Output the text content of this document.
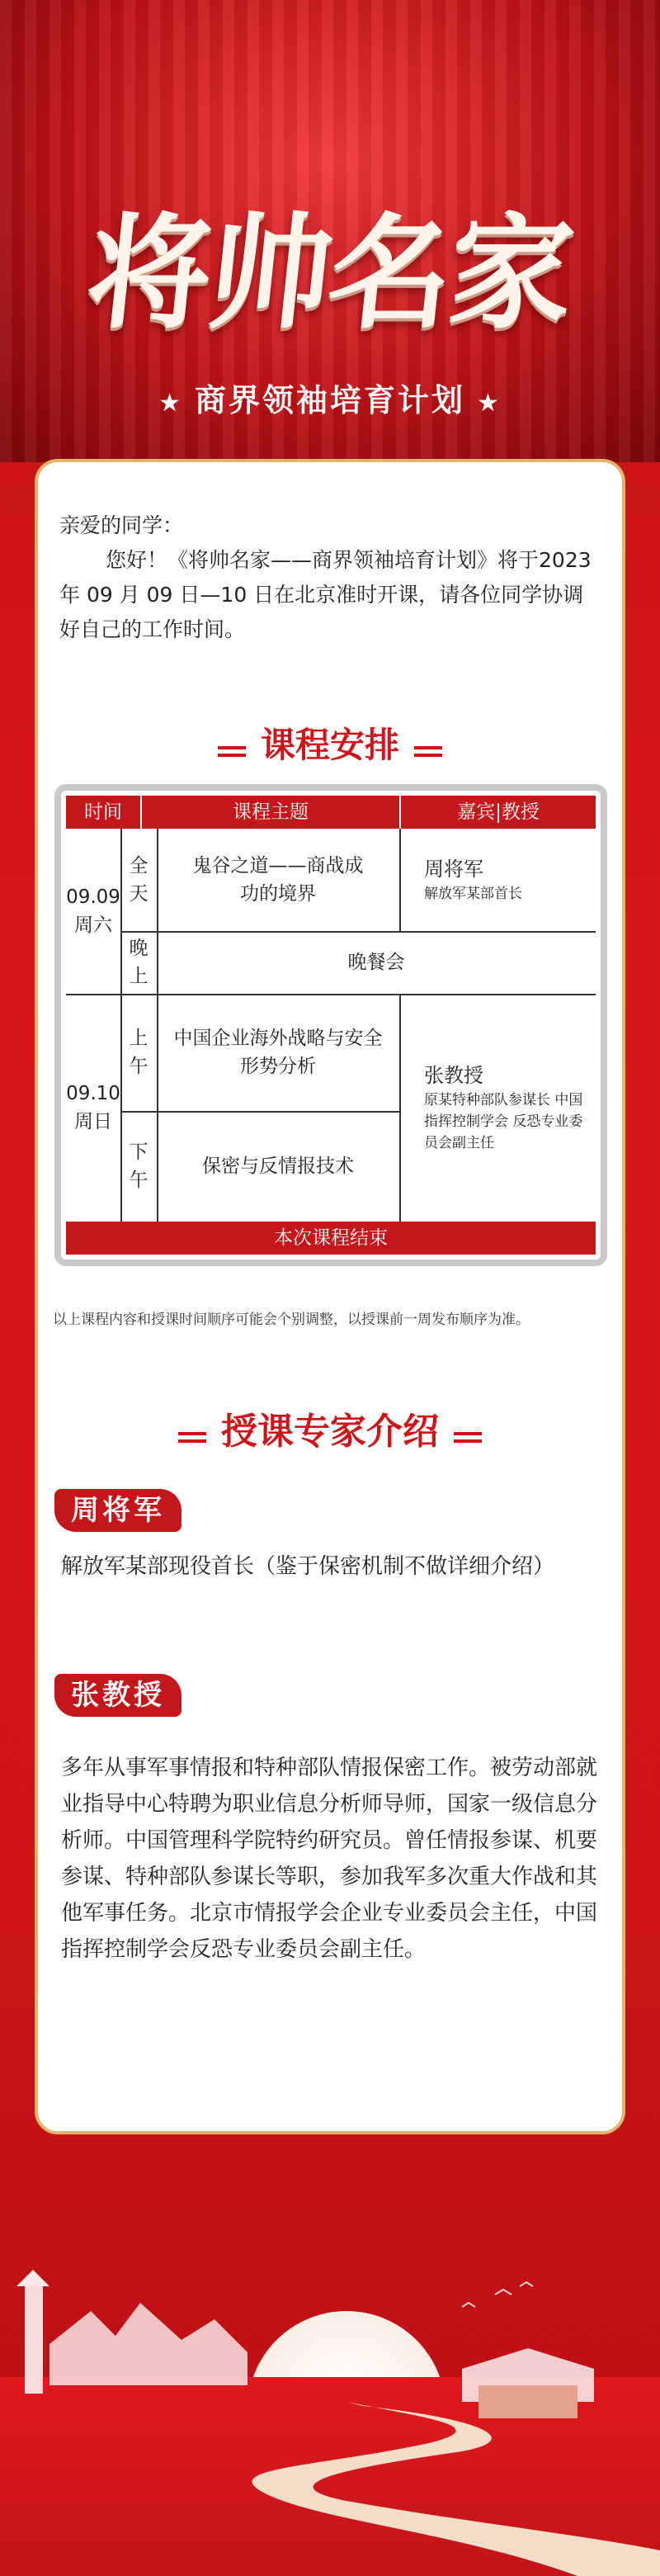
将帅名家
★ 商界领袖培育计划 ★

亲爱的同学：

您好！《将帅名家——商界领袖培育计划》将于2023 年 09 月 09 日—10 日在北京准时开课，请各位同学协调好自己的工作时间。

课程安排
时间	课程主题	嘉宾|教授
09.09
周六
全天
鬼谷之道——商战成功的境界
周将军
解放军某部首长
晚上
晚餐会
09.10
周日
上午
中国企业海外战略与安全形势分析
下午
保密与反情报技术
张教授
原某特种部队参谋长 中国指挥控制学会 反恐专业委员会副主任
本次课程结束
以上课程内容和授课时间顺序可能会个别调整，以授课前一周发布顺序为准。
授课专家介绍
周将军
解放军某部现役首长（鉴于保密机制不做详细介绍）
张教授
多年从事军事情报和特种部队情报保密工作。被劳动部就业指导中心特聘为职业信息分析师导师，国家一级信息分析师。中国管理科学院特约研究员。曾任情报参谋、机要参谋、特种部队参谋长等职，参加我军多次重大作战和其他军事任务。北京市情报学会企业专业委员会主任，中国指挥控制学会反恐专业委员会副主任。
